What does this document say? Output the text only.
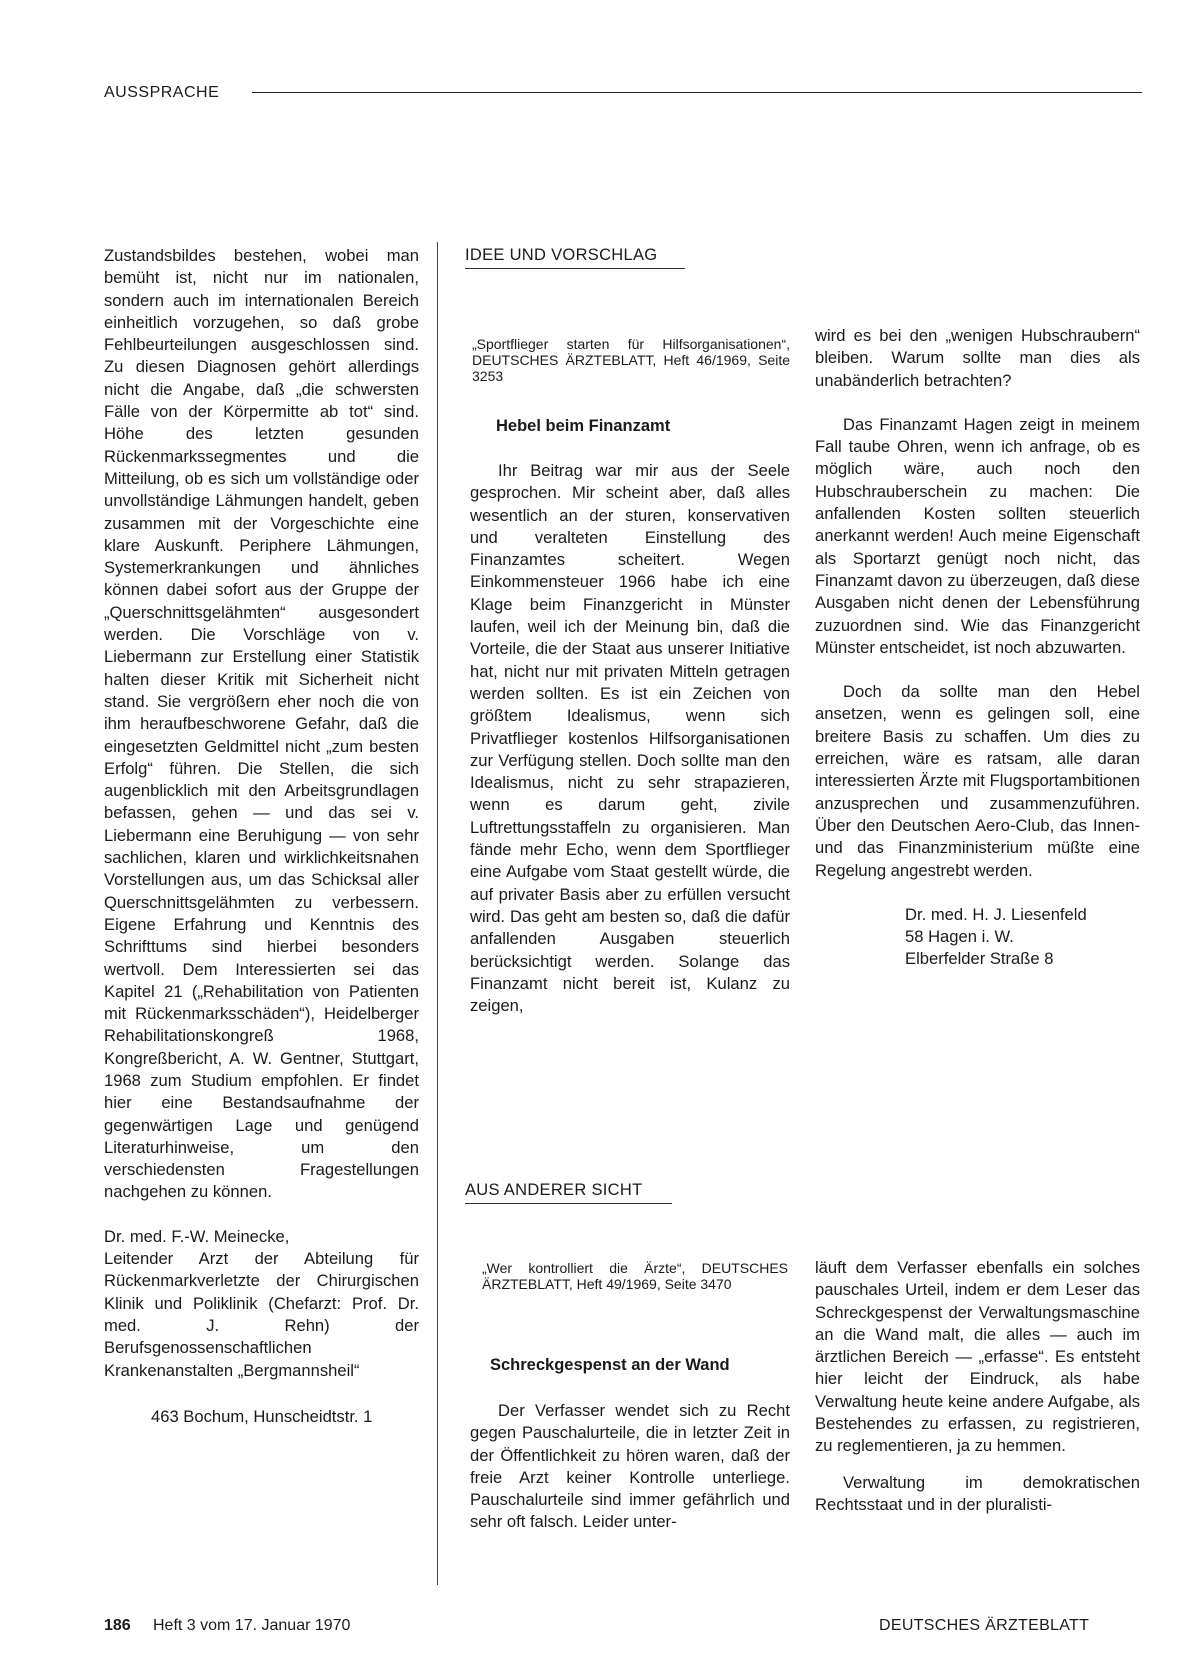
AUSSPRACHE

Zustandsbildes bestehen, wobei man bemüht ist, nicht nur im nationalen, sondern auch im internationalen Bereich einheitlich vorzugehen, so daß grobe Fehlbeurteilungen ausgeschlossen sind. Zu diesen Diagnosen gehört allerdings nicht die Angabe, daß „die schwersten Fälle von der Körpermitte ab tot“ sind. Höhe des letzten gesunden Rückenmarkssegmentes und die Mitteilung, ob es sich um vollständige oder unvollständige Lähmungen handelt, geben zusammen mit der Vorgeschichte eine klare Auskunft. Periphere Lähmungen, Systemerkrankungen und ähnliches können dabei sofort aus der Gruppe der „Querschnittsgelähmten“ ausgesondert werden. Die Vorschläge von v. Liebermann zur Erstellung einer Statistik halten dieser Kritik mit Sicherheit nicht stand. Sie vergrößern eher noch die von ihm heraufbeschworene Gefahr, daß die eingesetzten Geldmittel nicht „zum besten Erfolg“ führen. Die Stellen, die sich augenblicklich mit den Arbeitsgrundlagen befassen, gehen — und das sei v. Liebermann eine Beruhigung — von sehr sachlichen, klaren und wirklichkeitsnahen Vorstellungen aus, um das Schicksal aller Querschnittsgelähmten zu verbessern. Eigene Erfahrung und Kenntnis des Schrifttums sind hierbei besonders wertvoll. Dem Interessierten sei das Kapitel 21 („Rehabilitation von Patienten mit Rückenmarksschäden“), Heidelberger Rehabilitationskongreß 1968, Kongreßbericht, A. W. Gentner, Stuttgart, 1968 zum Studium empfohlen. Er findet hier eine Bestandsaufnahme der gegenwärtigen Lage und genügend Literaturhinweise, um den verschiedensten Fragestellungen nachgehen zu können.

Dr. med. F.-W. Meinecke,

Leitender Arzt der Abteilung für Rückenmarkverletzte der Chirurgischen Klinik und Poliklinik (Chefarzt: Prof. Dr. med. J. Rehn) der Berufsgenossenschaftlichen Krankenanstalten „Bergmannsheil“

463 Bochum, Hunscheidtstr. 1

IDEE UND VORSCHLAG
„Sportflieger starten für Hilfsorganisationen“, DEUTSCHES ÄRZTEBLATT, Heft 46/1969, Seite 3253
Hebel beim Finanzamt

Ihr Beitrag war mir aus der Seele gesprochen. Mir scheint aber, daß alles wesentlich an der sturen, konservativen und veralteten Einstellung des Finanzamtes scheitert. Wegen Einkommensteuer 1966 habe ich eine Klage beim Finanzgericht in Münster laufen, weil ich der Meinung bin, daß die Vorteile, die der Staat aus unserer Initiative hat, nicht nur mit privaten Mitteln getragen werden sollten. Es ist ein Zeichen von größtem Idealismus, wenn sich Privatflieger kostenlos Hilfsorganisationen zur Verfügung stellen. Doch sollte man den Idealismus, nicht zu sehr strapazieren, wenn es darum geht, zivile Luftrettungsstaffeln zu organisieren. Man fände mehr Echo, wenn dem Sportflieger eine Aufgabe vom Staat gestellt würde, die auf privater Basis aber zu erfüllen versucht wird. Das geht am besten so, daß die dafür anfallenden Ausgaben steuerlich berücksichtigt werden. Solange das Finanzamt nicht bereit ist, Kulanz zu zeigen,

wird es bei den „wenigen Hubschraubern“ bleiben. Warum sollte man dies als unabänderlich betrachten?

Das Finanzamt Hagen zeigt in meinem Fall taube Ohren, wenn ich anfrage, ob es möglich wäre, auch noch den Hubschrauberschein zu machen: Die anfallenden Kosten sollten steuerlich anerkannt werden! Auch meine Eigenschaft als Sportarzt genügt noch nicht, das Finanzamt davon zu überzeugen, daß diese Ausgaben nicht denen der Lebensführung zuzuordnen sind. Wie das Finanzgericht Münster entscheidet, ist noch abzuwarten.

Doch da sollte man den Hebel ansetzen, wenn es gelingen soll, eine breitere Basis zu schaffen. Um dies zu erreichen, wäre es ratsam, alle daran interessierten Ärzte mit Flugsportambitionen anzusprechen und zusammenzuführen. Über den Deutschen Aero-Club, das Innen- und das Finanzministerium müßte eine Regelung angestrebt werden.

Dr. med. H. J. Liesenfeld

58 Hagen i. W.

Elberfelder Straße 8

AUS ANDERER SICHT
„Wer kontrolliert die Ärzte“, DEUTSCHES ÄRZTEBLATT, Heft 49/1969, Seite 3470
Schreckgespenst an der Wand

Der Verfasser wendet sich zu Recht gegen Pauschalurteile, die in letzter Zeit in der Öffentlichkeit zu hören waren, daß der freie Arzt keiner Kontrolle unterliege. Pauschalurteile sind immer gefährlich und sehr oft falsch. Leider unter-

läuft dem Verfasser ebenfalls ein solches pauschales Urteil, indem er dem Leser das Schreckgespenst der Verwaltungsmaschine an die Wand malt, die alles — auch im ärztlichen Bereich — „erfasse“. Es entsteht hier leicht der Eindruck, als habe Verwaltung heute keine andere Aufgabe, als Bestehendes zu erfassen, zu registrieren, zu reglementieren, ja zu hemmen.

Verwaltung im demokratischen Rechtsstaat und in der pluralisti-

186 Heft 3 vom 17. Januar 1970	DEUTSCHES ÄRZTEBLATT
